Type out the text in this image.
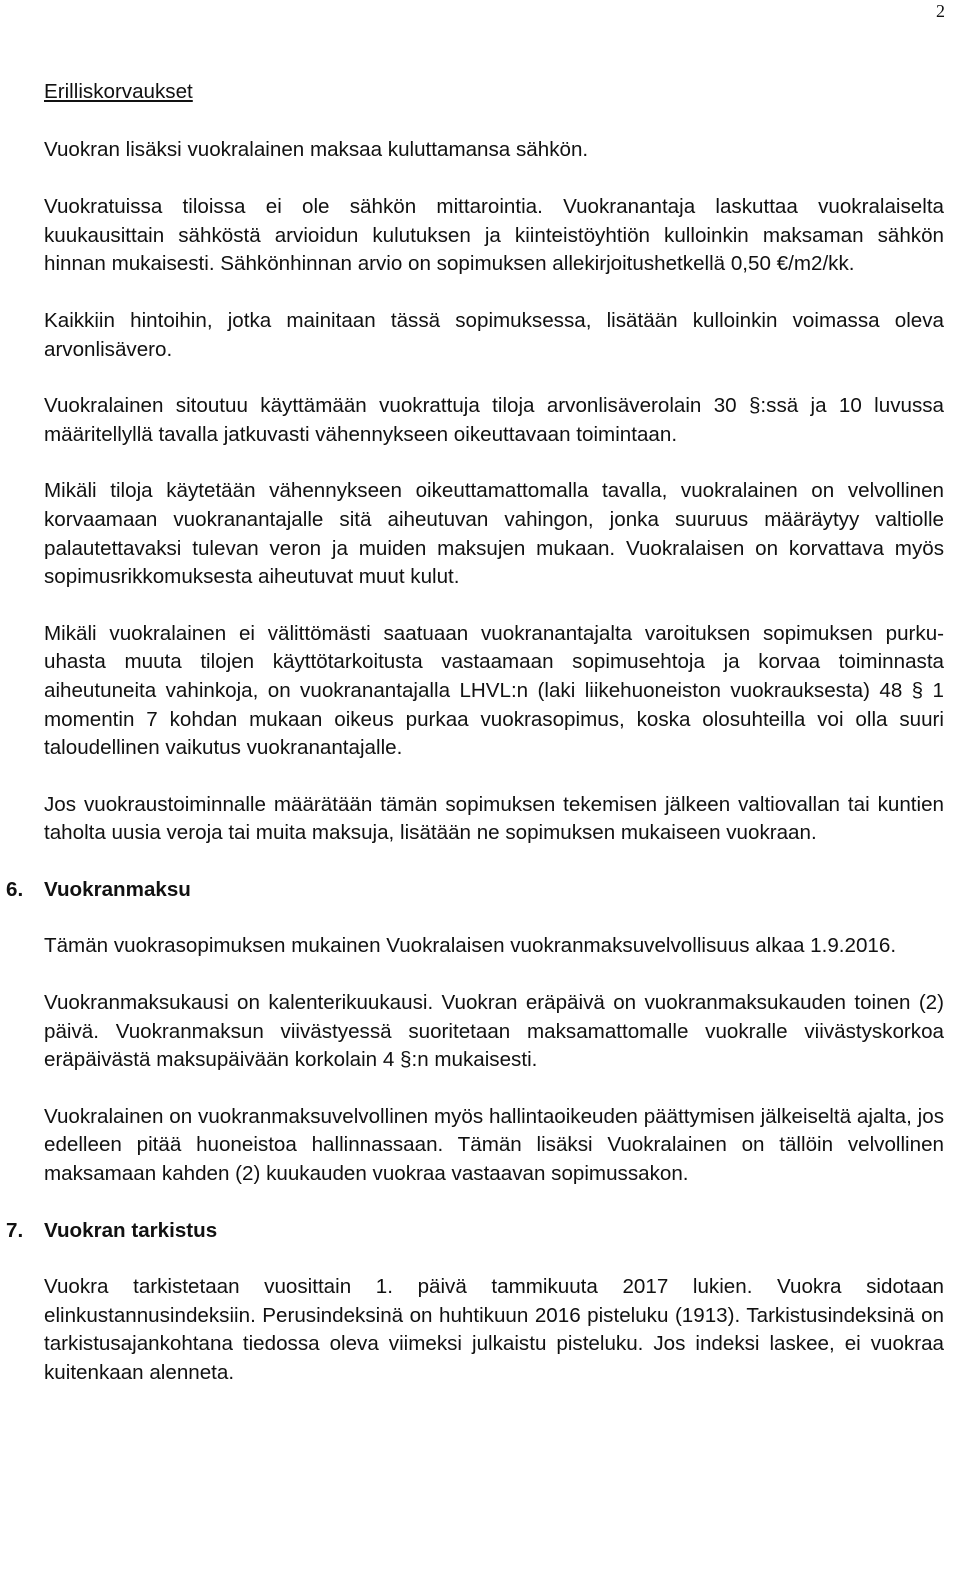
2

Erilliskorvaukset

Vuokran lisäksi vuokralainen maksaa kuluttamansa sähkön.

Vuokratuissa tiloissa ei ole sähkön mittarointia. Vuokranantaja laskuttaa vuokralaiselta kuukausittain sähköstä arvioidun kulutuksen ja kiinteistöyhtiön kulloinkin maksaman sähkön hinnan mukaisesti. Sähkönhinnan arvio on sopimuksen allekirjoitushetkellä 0,50 €/m2/kk.

Kaikkiin hintoihin, jotka mainitaan tässä sopimuksessa, lisätään kulloinkin voimassa oleva arvonlisävero.

Vuokralainen sitoutuu käyttämään vuokrattuja tiloja arvonlisäverolain 30 §:ssä ja 10 luvussa määritellyllä tavalla jatkuvasti vähennykseen oikeuttavaan toimintaan.

Mikäli tiloja käytetään vähennykseen oikeuttamattomalla tavalla, vuokralainen on velvollinen korvaamaan vuokranantajalle sitä aiheutuvan vahingon, jonka suuruus määräytyy valtiolle palautettavaksi tulevan veron ja muiden maksujen mukaan. Vuokralaisen on korvattava myös sopimusrikkomuksesta aiheutuvat muut kulut.

Mikäli vuokralainen ei välittömästi saatuaan vuokranantajalta varoituksen sopimuksen purku-uhasta muuta tilojen käyttötarkoitusta vastaamaan sopimusehtoja ja korvaa toiminnasta aiheutuneita vahinkoja, on vuokranantajalla LHVL:n (laki liikehuoneiston vuokrauksesta) 48 § 1 momentin 7 kohdan mukaan oikeus purkaa vuokrasopimus, koska olosuhteilla voi olla suuri taloudellinen vaikutus vuokranantajalle.

Jos vuokraustoiminnalle määrätään tämän sopimuksen tekemisen jälkeen valtiovallan tai kuntien taholta uusia veroja tai muita maksuja, lisätään ne sopimuksen mukaiseen vuokraan.

6. Vuokranmaksu

Tämän vuokrasopimuksen mukainen Vuokralaisen vuokranmaksuvelvollisuus alkaa 1.9.2016.

Vuokranmaksukausi on kalenterikuukausi. Vuokran eräpäivä on vuokranmaksukauden toinen (2) päivä. Vuokranmaksun viivästyessä suoritetaan maksamattomalle vuokralle viivästyskorkoa eräpäivästä maksupäivään korkolain 4 §:n mukaisesti.

Vuokralainen on vuokranmaksuvelvollinen myös hallintaoikeuden päättymisen jälkeiseltä ajalta, jos edelleen pitää huoneistoa hallinnassaan. Tämän lisäksi Vuokralainen on tällöin velvollinen maksamaan kahden (2) kuukauden vuokraa vastaavan sopimussakon.

7. Vuokran tarkistus

Vuokra tarkistetaan vuosittain 1. päivä tammikuuta 2017 lukien. Vuokra sidotaan elinkustannusindeksiin. Perusindeksinä on huhtikuun 2016 pisteluku (1913). Tarkistusindeksinä on tarkistusajankohtana tiedossa oleva viimeksi julkaistu pisteluku. Jos indeksi laskee, ei vuokraa kuitenkaan alenneta.
